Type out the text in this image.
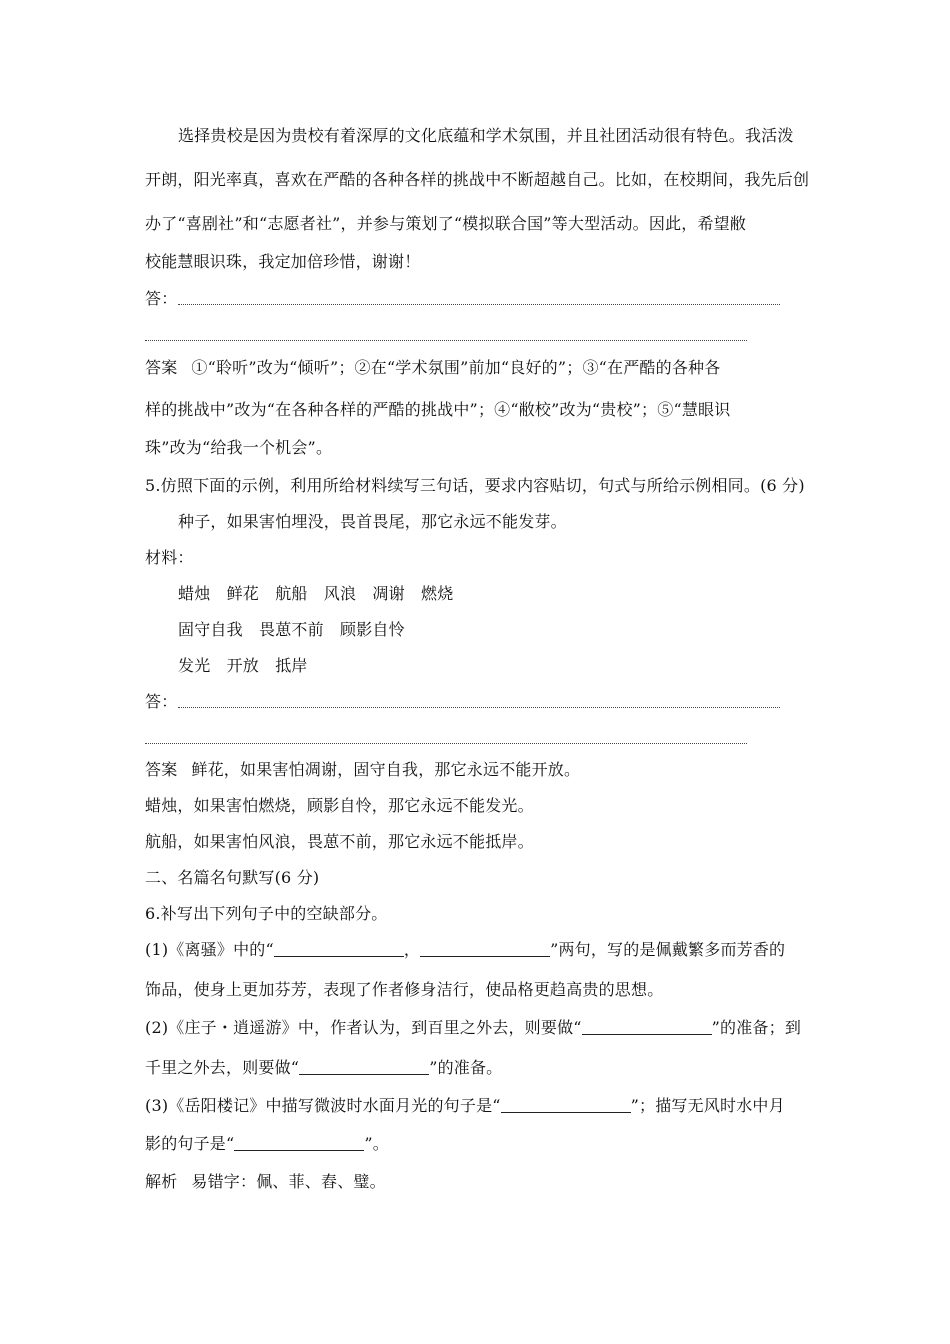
选择贵校是因为贵校有着深厚的文化底蕴和学术氛围，并且社团活动很有特色。我活泼
开朗，阳光率真，喜欢在严酷的各种各样的挑战中不断超越自己。比如，在校期间，我先后创
办了“喜剧社”和“志愿者社”，并参与策划了“模拟联合国”等大型活动。因此，希望敝
校能慧眼识珠，我定加倍珍惜，谢谢！
答：
答案 ①“聆听”改为“倾听”；②在“学术氛围”前加“良好的”；③“在严酷的各种各
样的挑战中”改为“在各种各样的严酷的挑战中”；④“敝校”改为“贵校”；⑤“慧眼识
珠”改为“给我一个机会”。
5.仿照下面的示例，利用所给材料续写三句话，要求内容贴切，句式与所给示例相同。(6 分)
种子，如果害怕埋没，畏首畏尾，那它永远不能发芽。
材料：
蜡烛　鲜花　航船　风浪　凋谢　燃烧
固守自我　畏葸不前　顾影自怜
发光　开放　抵岸
答：
答案 鲜花，如果害怕凋谢，固守自我，那它永远不能开放。
蜡烛，如果害怕燃烧，顾影自怜，那它永远不能发光。
航船，如果害怕风浪，畏葸不前，那它永远不能抵岸。
二、名篇名句默写(6 分)
6.补写出下列句子中的空缺部分。
(1)《离骚》中的“	，	”两句，写的是佩戴繁多而芳香的
饰品，使身上更加芬芳，表现了作者修身洁行，使品格更趋高贵的思想。
(2)《庄子・逍遥游》中，作者认为，到百里之外去，则要做“	”的准备；到
千里之外去，则要做“	”的准备。
(3)《岳阳楼记》中描写微波时水面月光的句子是“	”；描写无风时水中月
影的句子是“	”。
解析 易错字：佩、菲、舂、璧。
